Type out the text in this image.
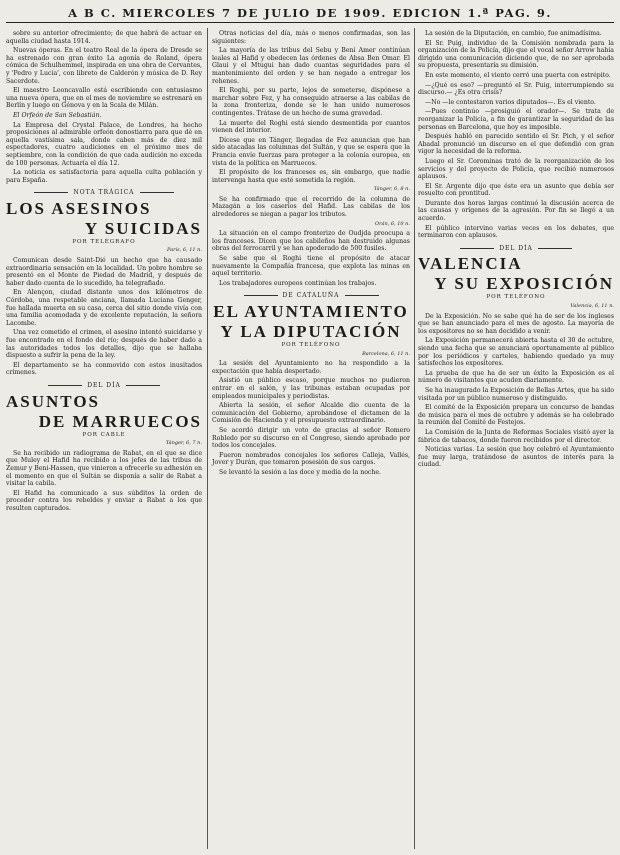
A B C. MIERCOLES 7 DE JULIO DE 1909. EDICION 1.ª PAG. 9.

sobre su anterior ofrecimiento; de que habrá de actuar en aquella ciudad hasta 1914.

Nuevas óperas. En el teatro Real de la ópera de Dresde se ha estrenado con gran éxito La agonía de Roland, ópera cómica de Schulhemmel, inspirada en una obra de Cervantes, y 'Pedro y Lucía', con libreto de Calderón y música de D. Rey Sacerdote.

El maestro Leoncavallo está escribiendo con entusiasmo una nueva ópera, que en el mes de noviembre se estrenará en Berlín y luego en Génova y en la Scala de Milán.

El Orfeón de San Sebastián.

La Empresa del Crystal Palace, de Londres, ha hecho proposiciones al admirable orfeón donostiarra para que dé en aquella vastísima sala, donde caben más de diez mil espectadores, cuatro audiciones en el próximo mes de septiembre, con la condición de que cada audición no exceda de 100 personas. Actuaría el día 12.

La noticia es satisfactoria para aquella culta población y para España.

NOTA TRÁGICA
LOS ASESINOS
Y SUICIDAS
POR TELÉGRAFO
París, 6, 11 n.

Comunican desde Saint-Dié un hecho que ha causado extraordinaria sensación en la localidad. Un pobre hombre se presentó en el Monte de Piedad de Madrid, y después de haber dado cuenta de lo sucedido, ha telegrafiado.

En Alençon, ciudad distante unos dos kilómetros de Córdoba, una respetable anciana, llamada Luciana Genger, fue hallada muerta en su casa, cerca del sitio donde vivía con una familia acomodada y de excelente reputación, la señora Lacombe.

Una vez cometido el crimen, el asesino intentó suicidarse y fue encontrado en el fondo del río; después de haber dado a las autoridades todos los detalles, dijo que se hallaba dispuesto a sufrir la pena de la ley.

El departamento se ha conmovido con estos inusitados crímenes.

DEL DÍA
ASUNTOS
DE MARRUECOS
POR CABLE
Tánger, 6, 7 n.

Se ha recibido un radiograma de Rabat, en el que se dice que Muley el Hafid ha recibido a los jefes de las tribus de Zemur y Beni-Hassen, que vinieron a ofrecerle su adhesión en el momento en que el Sultán se disponía a salir de Rabat a visitar la cabila.

El Hafid ha comunicado a sus súbditos la orden de proceder contra los rebeldes y enviar a Rabat a los que resulten capturados.

Otras noticias del día, más o menos confirmadas, son las siguientes:

La mayoría de las tribus del Sebu y Beni Amer continúan leales al Hafid y obedecen las órdenes de Absa Ben Omar. El Glaui y el Mtugui han dado cuantas seguridades para el mantenimiento del orden y se han negado a entregar los rehenes.

El Roghi, por su parte, lejos de someterse, dispónese a marchar sobre Fez, y ha conseguido atraerse a las cabilas de la zona fronteriza, donde se le han unido numerosos contingentes. Trátase de un hecho de suma gravedad.

La muerte del Roghi está siendo desmentida por cuantos vienen del interior.

Dícese que en Tánger, llegadas de Fez anuncian que han sido atacadas las columnas del Sultán, y que se espera que la Francia envíe fuerzas para proteger a la colonia europea, en vista de la política en Marruecos.

El propósito de los franceses es, sin embargo, que nadie intervenga hasta que esté sometida la región.

Tánger, 6, 8 n.

Se ha confirmado que el recorrido de la columna de Mazagán a los caseríos del Hafid. Las cabilas de los alrededores se niegan a pagar los tributos.

Orán, 6, 10 n.

La situación en el campo fronterizo de Oudjda preocupa a los franceses. Dicen que los cabileños han destruido algunas obras del ferrocarril y se han apoderado de 500 fusiles.

Se sabe que el Roghi tiene el propósito de atacar nuevamente la Compañía francesa, que explota las minas en aquel territorio.

Los trabajadores europeos continúan los trabajos.

DE CATALUÑA
EL AYUNTAMIENTO
Y LA DIPUTACIÓN
POR TELÉFONO
Barcelona, 6, 11 n.

La sesión del Ayuntamiento no ha respondido a la expectación que había despertado.

Asistió un público escaso, porque muchos no pudieron entrar en el salón, y las tribunas estaban ocupadas por empleados municipales y periodistas.

Abierta la sesión, el señor Alcalde dio cuenta de la comunicación del Gobierno, aprobándose el dictamen de la Comisión de Hacienda y el presupuesto extraordinario.

Se acordó dirigir un voto de gracias al señor Romero Robledo por su discurso en el Congreso, siendo aprobado por todos los concejales.

Fueron nombrados concejales los señores Calleja, Vallés, Jover y Durán, que tomaron posesión de sus cargos.

Se levantó la sesión a las doce y media de la noche.

La sesión de la Diputación, en cambio, fue animadísima.

El Sr. Puig, individuo de la Comisión nombrada para la organización de la Policía, dijo que el vocal señor Arrow había dirigido una comunicación diciendo que, de no ser aprobada su propuesta, presentaría su dimisión.

En este momento, el viento cerró una puerta con estrépito.

—¿Qué es eso? —preguntó el Sr. Puig, interrumpiendo su discurso.— ¿Es otra crisis?

—No —le contestaron varios diputados—. Es el viento.

—Pues continúo —prosiguió el orador—. Se trata de reorganizar la Policía, a fin de garantizar la seguridad de las personas en Barcelona, que hoy es imposible.

Después habló en parecido sentido el Sr. Pich, y el señor Abadal pronunció un discurso en el que defendió con gran vigor la necesidad de la reforma.

Luego el Sr. Corominas trató de la reorganización de los servicios y del proyecto de Policía, que recibió numerosos aplausos.

El Sr. Argente dijo que éste era un asunto que debía ser resuelto con prontitud.

Durante dos horas largas continuó la discusión acerca de las causas y orígenes de la agresión. Por fin se llegó a un acuerdo.

El público intervino varias veces en los debates, que terminaron con aplausos.

DEL DÍA
VALENCIA
Y SU EXPOSICIÓN
POR TELÉFONO
Valencia, 6, 11 n.

De la Exposición. No se sabe qué ha de ser de los ingleses que se han anunciado para el mes de agosto. La mayoría de los expositores no se han decidido a venir.

La Exposición permanecerá abierta hasta el 30 de octubre, siendo una fecha que se anunciará oportunamente al público por los periódicos y carteles, habiendo quedado ya muy satisfechos los expositores.

La prueba de que ha de ser un éxito la Exposición es el número de visitantes que acuden diariamente.

Se ha inaugurado la Exposición de Bellas Artes, que ha sido visitada por un público numeroso y distinguido.

El comité de la Exposición prepara un concurso de bandas de música para el mes de octubre y además se ha celebrado la reunión del Comité de Festejos.

La Comisión de la Junta de Reformas Sociales visitó ayer la fábrica de tabacos, donde fueron recibidos por el director.

Noticias varias. La sesión que hoy celebró el Ayuntamiento fue muy larga, tratándose de asuntos de interés para la ciudad.
